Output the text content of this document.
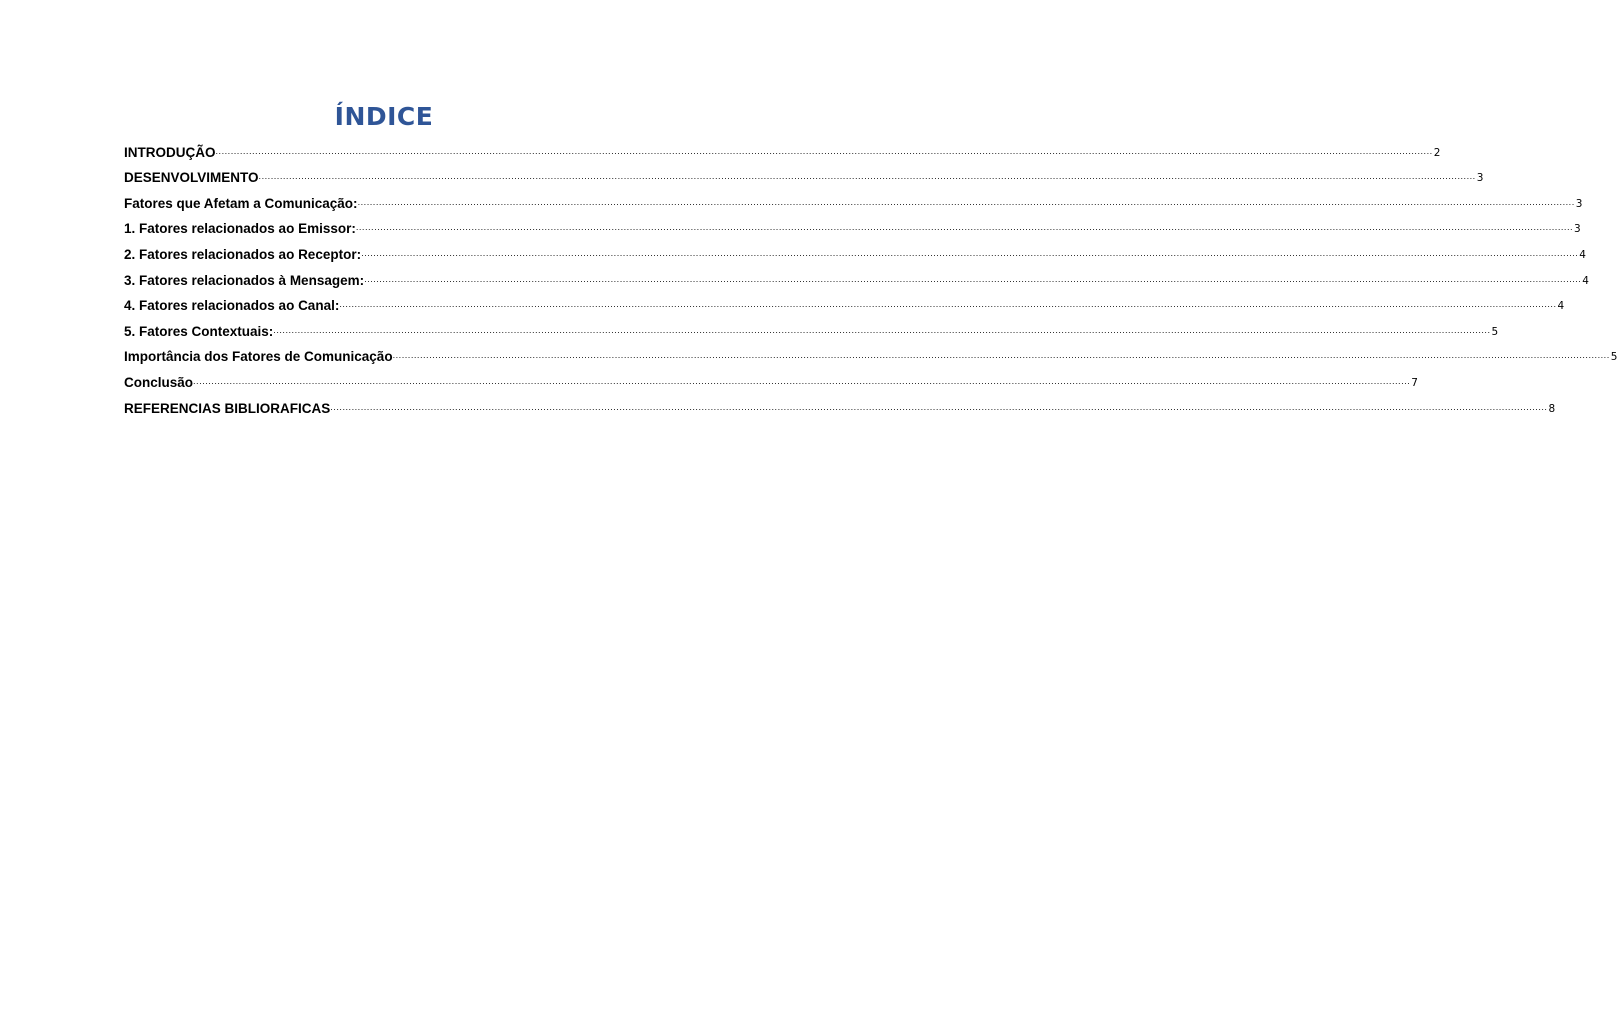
ÍNDICE
INTRODUÇÃO ................................................................................................................................................................................................................................................................................................................................................................................................................ 2
DESENVOLVIMENTO ................................................................................................................................................................................................................................................................................................................................................................................................................ 3
Fatores que Afetam a Comunicação: ................................................................................................................................................................................................................................................................................................................................................................................................................ 3
1. Fatores relacionados ao Emissor: ................................................................................................................................................................................................................................................................................................................................................................................................................ 3
2. Fatores relacionados ao Receptor: ................................................................................................................................................................................................................................................................................................................................................................................................................ 4
3. Fatores relacionados à Mensagem: ................................................................................................................................................................................................................................................................................................................................................................................................................ 4
4. Fatores relacionados ao Canal: ................................................................................................................................................................................................................................................................................................................................................................................................................ 4
5. Fatores Contextuais: ................................................................................................................................................................................................................................................................................................................................................................................................................ 5
Importância dos Fatores de Comunicação ................................................................................................................................................................................................................................................................................................................................................................................................................ 5
Conclusão ................................................................................................................................................................................................................................................................................................................................................................................................................ 7
REFERENCIAS BIBLIORAFICAS ................................................................................................................................................................................................................................................................................................................................................................................................................ 8
